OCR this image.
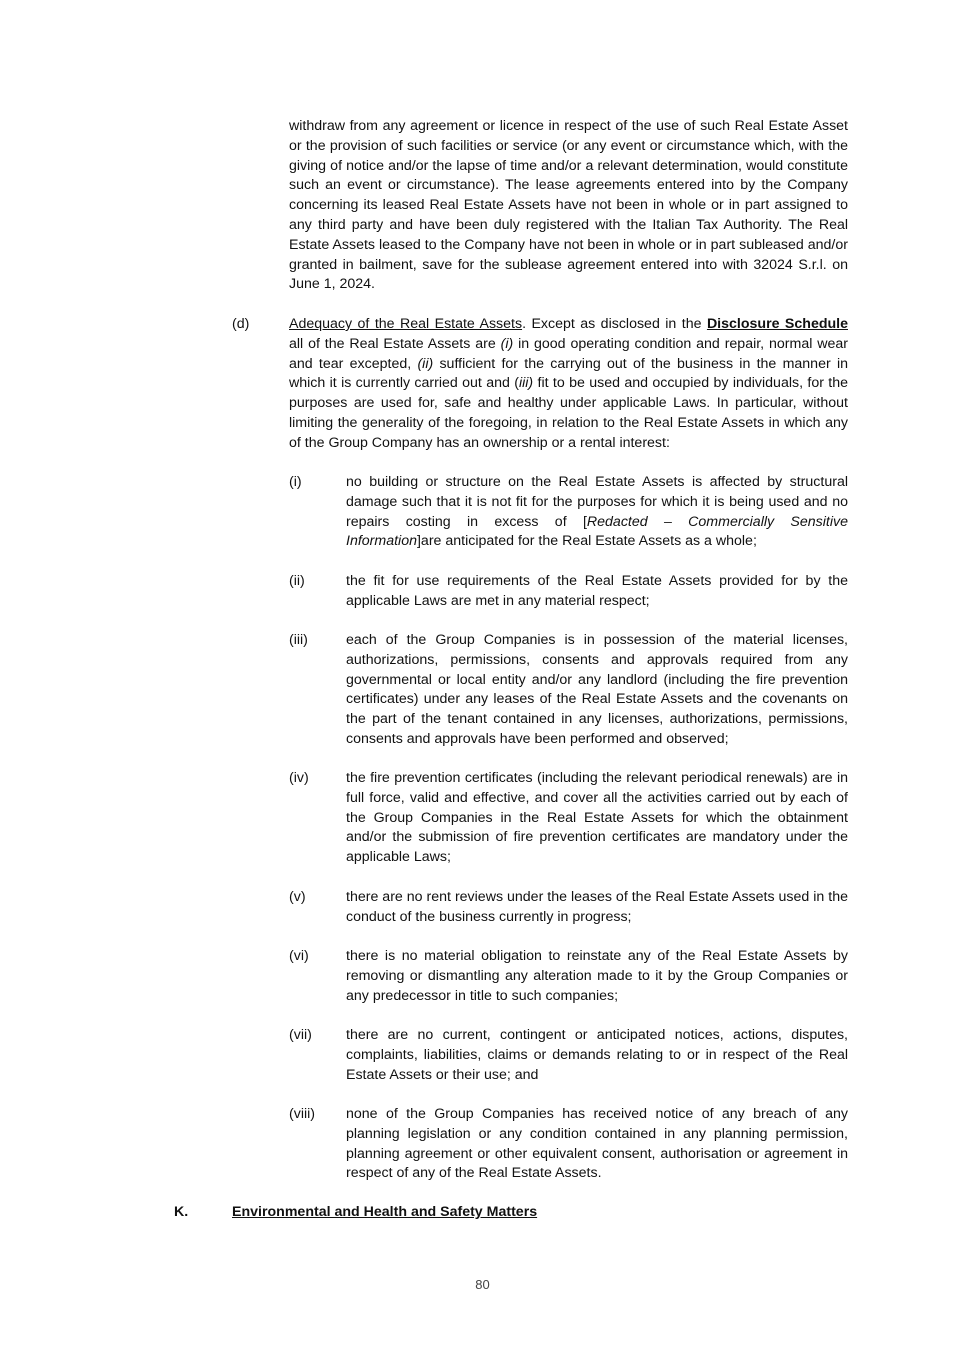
withdraw from any agreement or licence in respect of the use of such Real Estate Asset or the provision of such facilities or service (or any event or circumstance which, with the giving of notice and/or the lapse of time and/or a relevant determination, would constitute such an event or circumstance). The lease agreements entered into by the Company concerning its leased Real Estate Assets have not been in whole or in part assigned to any third party and have been duly registered with the Italian Tax Authority. The Real Estate Assets leased to the Company have not been in whole or in part subleased and/or granted in bailment, save for the sublease agreement entered into with 32024 S.r.l. on June 1, 2024.

(d)	Adequacy of the Real Estate Assets. Except as disclosed in the Disclosure Schedule all of the Real Estate Assets are (i) in good operating condition and repair, normal wear and tear excepted, (ii) sufficient for the carrying out of the business in the manner in which it is currently carried out and (iii) fit to be used and occupied by individuals, for the purposes are used for, safe and healthy under applicable Laws. In particular, without limiting the generality of the foregoing, in relation to the Real Estate Assets in which any of the Group Company has an ownership or a rental interest:

(i)	no building or structure on the Real Estate Assets is affected by structural damage such that it is not fit for the purposes for which it is being used and no repairs costing in excess of [Redacted – Commercially Sensitive Information]are anticipated for the Real Estate Assets as a whole;

(ii)	the fit for use requirements of the Real Estate Assets provided for by the applicable Laws are met in any material respect;

(iii)	each of the Group Companies is in possession of the material licenses, authorizations, permissions, consents and approvals required from any governmental or local entity and/or any landlord (including the fire prevention certificates) under any leases of the Real Estate Assets and the covenants on the part of the tenant contained in any licenses, authorizations, permissions, consents and approvals have been performed and observed;

(iv)	the fire prevention certificates (including the relevant periodical renewals) are in full force, valid and effective, and cover all the activities carried out by each of the Group Companies in the Real Estate Assets for which the obtainment and/or the submission of fire prevention certificates are mandatory under the applicable Laws;

(v)	there are no rent reviews under the leases of the Real Estate Assets used in the conduct of the business currently in progress;

(vi)	there is no material obligation to reinstate any of the Real Estate Assets by removing or dismantling any alteration made to it by the Group Companies or any predecessor in title to such companies;

(vii) there are no current, contingent or anticipated notices, actions, disputes, complaints, liabilities, claims or demands relating to or in respect of the Real Estate Assets or their use; and

(viii) none of the Group Companies has received notice of any breach of any planning legislation or any condition contained in any planning permission, planning agreement or other equivalent consent, authorisation or agreement in respect of any of the Real Estate Assets.

K.	Environmental and Health and Safety Matters
80
